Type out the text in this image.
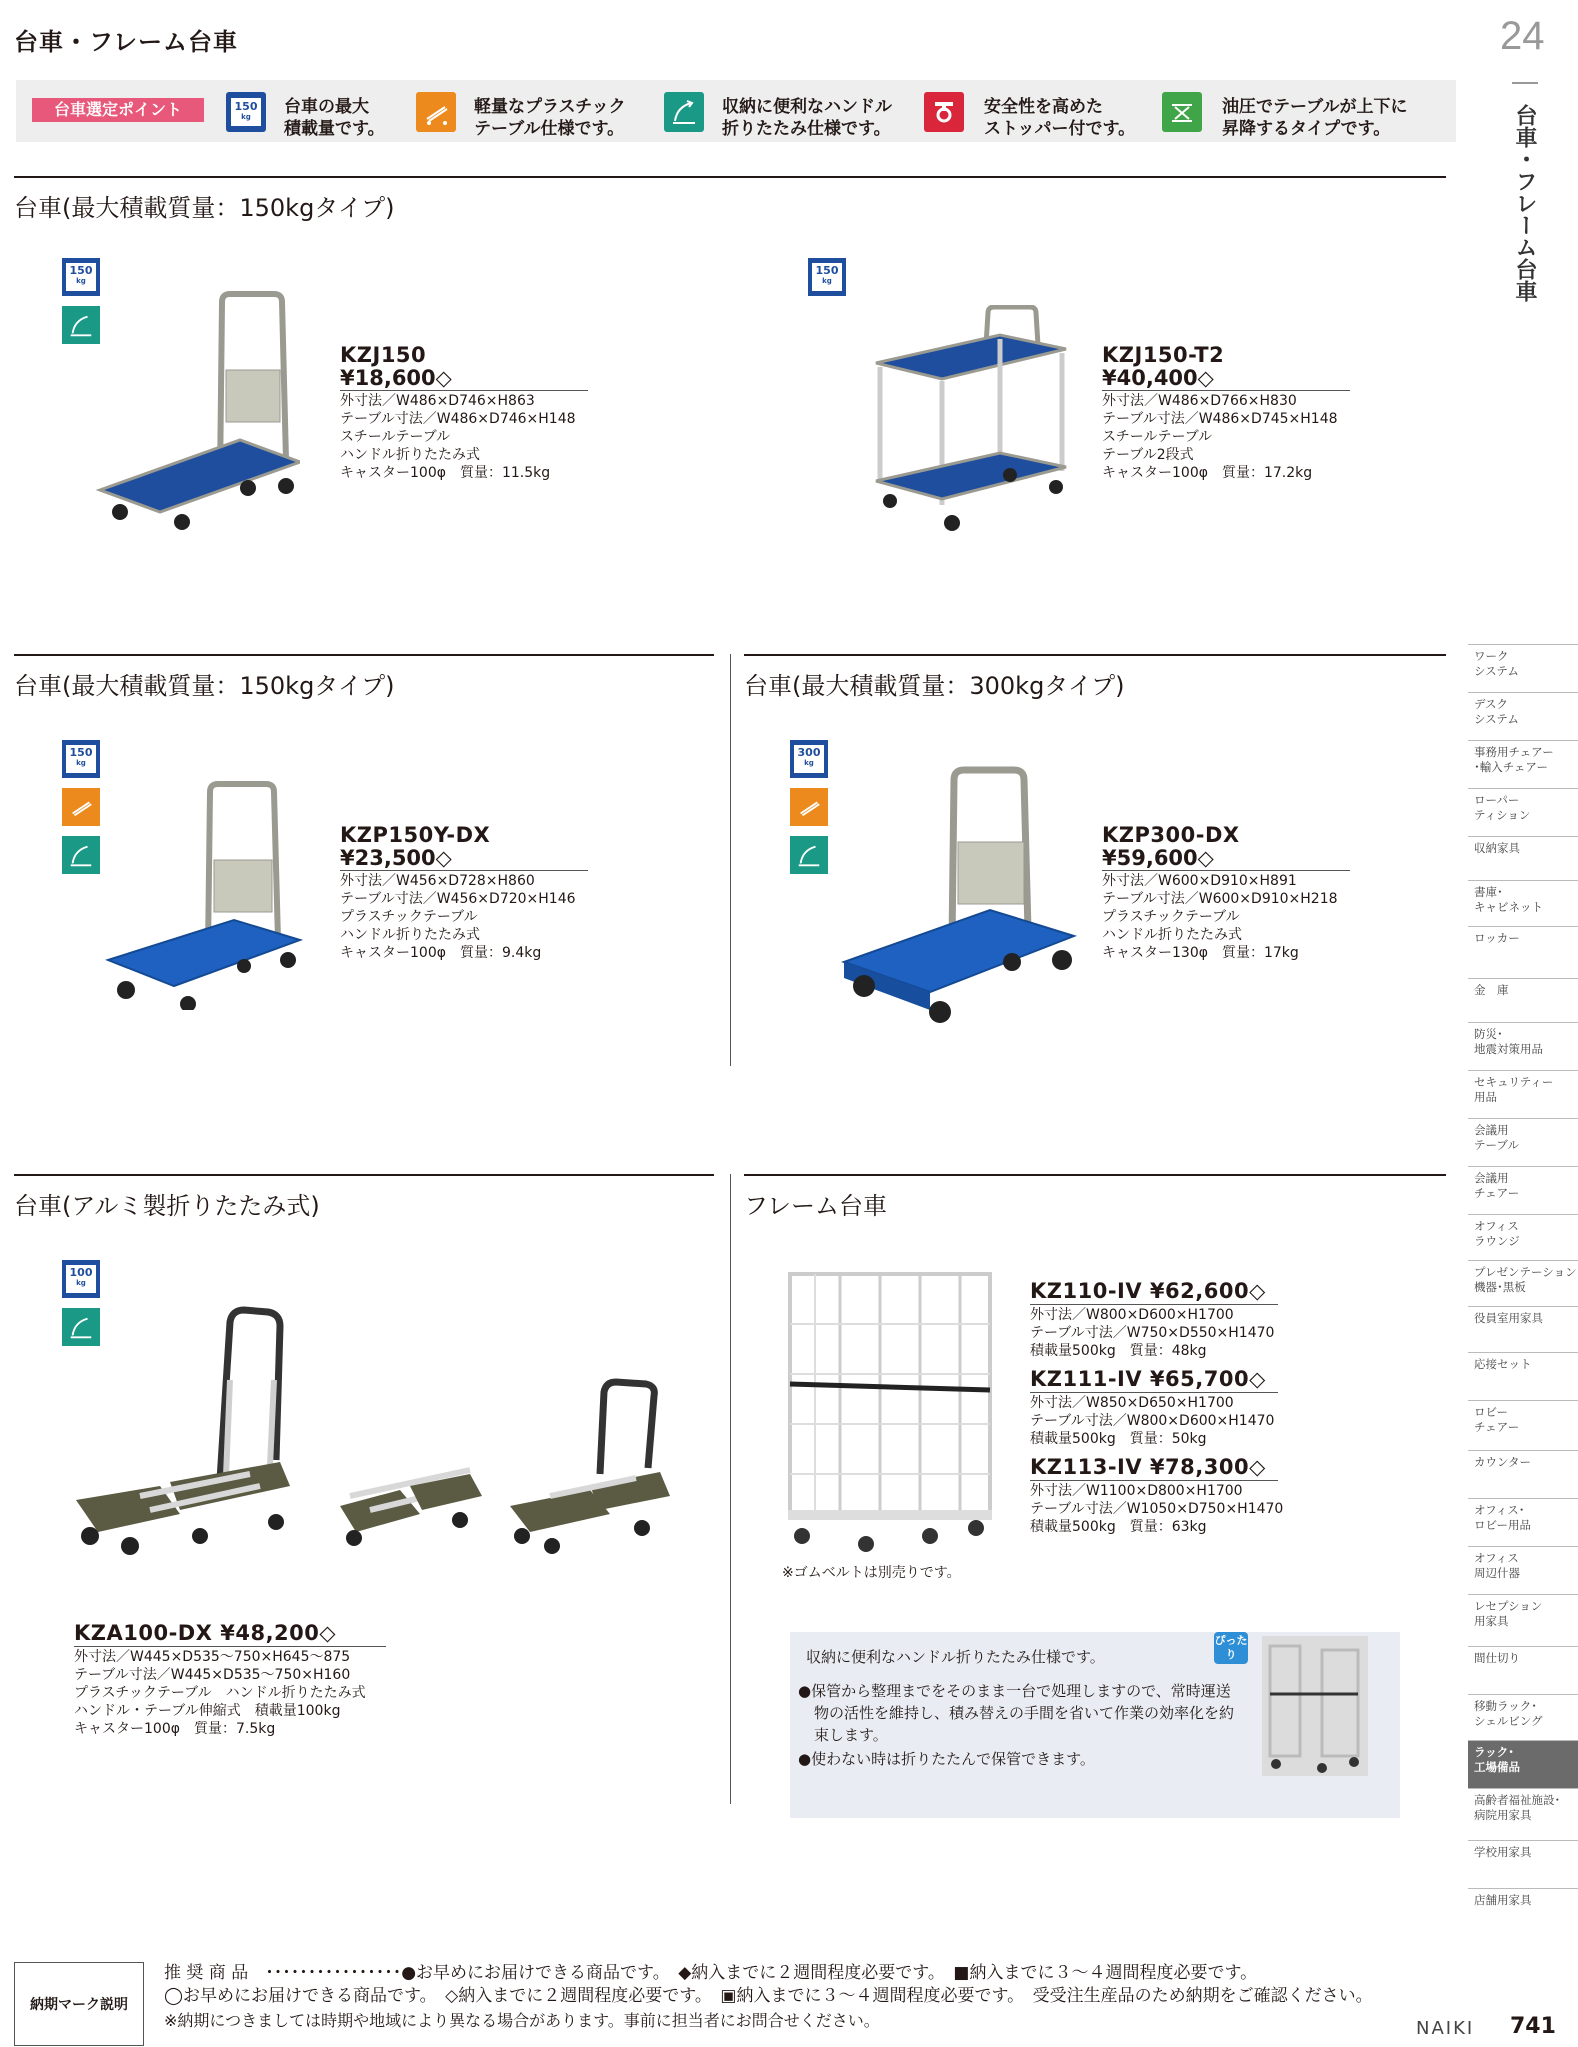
台車・フレーム台車	24
台車・フレーム台車
台車選定ポイント	150
kg	台車の最大
積載量です。
軽量なプラスチック
テーブル仕様です。
収納に便利なハンドル
折りたたみ仕様です。
安全性を高めた
ストッパー付です。
油圧でテーブルが上下に
昇降するタイプです。
台車(最大積載質量：150kgタイプ)
150
kg
KZJ150
¥18,600◇
外寸法／W486×D746×H863
テーブル寸法／W486×D746×H148
スチールテーブル
ハンドル折りたたみ式
キャスター100φ　質量：11.5kg
150
kg
KZJ150-T2
¥40,400◇
外寸法／W486×D766×H830
テーブル寸法／W486×D745×H148
スチールテーブル
テーブル2段式
キャスター100φ　質量：17.2kg
台車(最大積載質量：150kgタイプ)	台車(最大積載質量：300kgタイプ)
150
kg
KZP150Y-DX
¥23,500◇
外寸法／W456×D728×H860
テーブル寸法／W456×D720×H146
プラスチックテーブル
ハンドル折りたたみ式
キャスター100φ　質量：9.4kg
300
kg
KZP300-DX
¥59,600◇
外寸法／W600×D910×H891
テーブル寸法／W600×D910×H218
プラスチックテーブル
ハンドル折りたたみ式
キャスター130φ　質量：17kg
台車(アルミ製折りたたみ式)	フレーム台車
100
kg
KZA100-DX ¥48,200◇
外寸法／W445×D535～750×H645～875
テーブル寸法／W445×D535～750×H160
プラスチックテーブル　ハンドル折りたたみ式
ハンドル・テーブル伸縮式　積載量100kg
キャスター100φ　質量：7.5kg
KZ110-IV ¥62,600◇
外寸法／W800×D600×H1700
テーブル寸法／W750×D550×H1470
積載量500kg　質量：48kg
KZ111-IV ¥65,700◇
外寸法／W850×D650×H1700
テーブル寸法／W800×D600×H1470
積載量500kg　質量：50kg
KZ113-IV ¥78,300◇
外寸法／W1100×D800×H1700
テーブル寸法／W1050×D750×H1470
積載量500kg　質量：63kg
※ゴムベルトは別売りです。
ぴったり
収納に便利なハンドル折りたたみ仕様です。
●保管から整理までをそのまま一台で処理しますので、常時運送
物の活性を維持し、積み替えの手間を省いて作業の効率化を約
束します。
●使わない時は折りたたんで保管できます。
ワーク
システム
デスク
システム
事務用チェアー
･輸入チェアー
ローパー
ティション
収納家具
書庫･
キャビネット
ロッカー
金　庫
防災･
地震対策用品
セキュリティー
用品
会議用
テーブル
会議用
チェアー
オフィス
ラウンジ
プレゼンテーション
機器･黒板
役員室用家具
応接セット
ロビー
チェアー
カウンター
オフィス･
ロビー用品
オフィス
周辺什器
レセプション
用家具
間仕切り
移動ラック･
シェルビング
ラック･
工場備品
高齢者福祉施設･
病院用家具
学校用家具
店舗用家具
納期マーク説明
推 奨 商 品　････････････････●お早めにお届けできる商品です。　 ◆納入までに２週間程度必要です。　 ■納入までに３～４週間程度必要です。
◯お早めにお届けできる商品です。　 ◇納入までに２週間程度必要です。　 ▣納入までに３～４週間程度必要です。　 受受注生産品のため納期をご確認ください。
※納期につきましては時期や地域により異なる場合があります。事前に担当者にお問合せください。	NAIKI 741
